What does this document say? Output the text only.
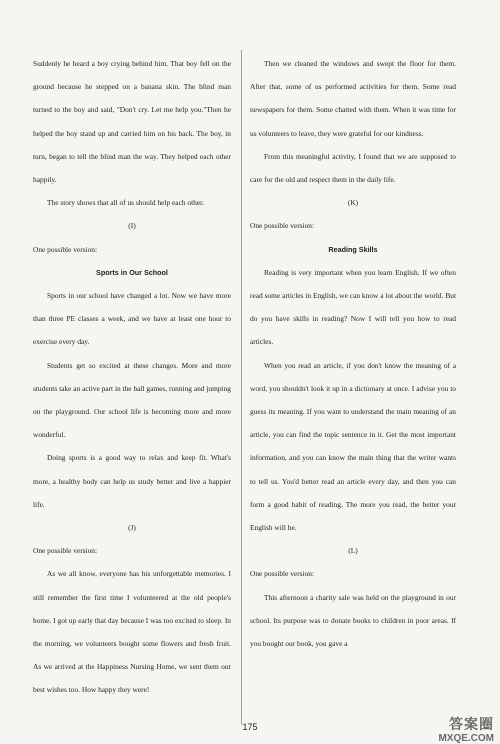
Suddenly he heard a boy crying behind him. That boy fell on the ground because he stepped on a banana skin. The blind man turned to the boy and said, "Don't cry. Let me help you."Then he helped the boy stand up and carried him on his back. The boy, in turn, began to tell the blind man the way. They helped each other happily.

The story shows that all of us should help each other.

(I)

One possible version:

Sports in Our School

Sports in our school have changed a lot. Now we have more than three PE classes a week, and we have at least one hour to exercise every day.

Students get so excited at these changes. More and more students take an active part in the ball games, running and jumping on the playground. Our school life is becoming more and more wonderful.

Doing sports is a good way to relax and keep fit. What's more, a healthy body can help us study better and live a happier life.

(J)

One possible version:

As we all know, everyone has his unforgettable memories. I still remember the first time I volunteered at the old people's home. I got up early that day because I was too excited to sleep. In the morning, we volunteers bought some flowers and fresh fruit. As we arrived at the Happiness Nursing Home, we sent them our best wishes too. How happy they were!

Then we cleaned the windows and swept the floor for them. After that, some of us performed activities for them. Some read newspapers for them. Some chatted with them. When it was time for us volunteers to leave, they were grateful for our kindness.

From this meaningful activity, I found that we are supposed to care for the old and respect them in the daily life.

(K)

One possible version:

Reading Skills

Reading is very important when you learn English. If we often read some articles in English, we can know a lot about the world. But do you have skills in reading? Now I will tell you how to read articles.

When you read an article, if you don't know the meaning of a word, you shouldn't look it up in a dictionary at once. I advise you to guess its meaning. If you want to understand the main meaning of an article, you can find the topic sentence in it. Get the most important information, and you can know the main thing that the writer wants to tell us. You'd better read an article every day, and then you can form a good habit of reading. The more you read, the better your English will be.

(L)

One possible version:

This afternoon a charity sale was held on the playground in our school. Its purpose was to donate books to children in poor areas. If you bought our book, you gave a

175	答案圈
MXQE.COM
